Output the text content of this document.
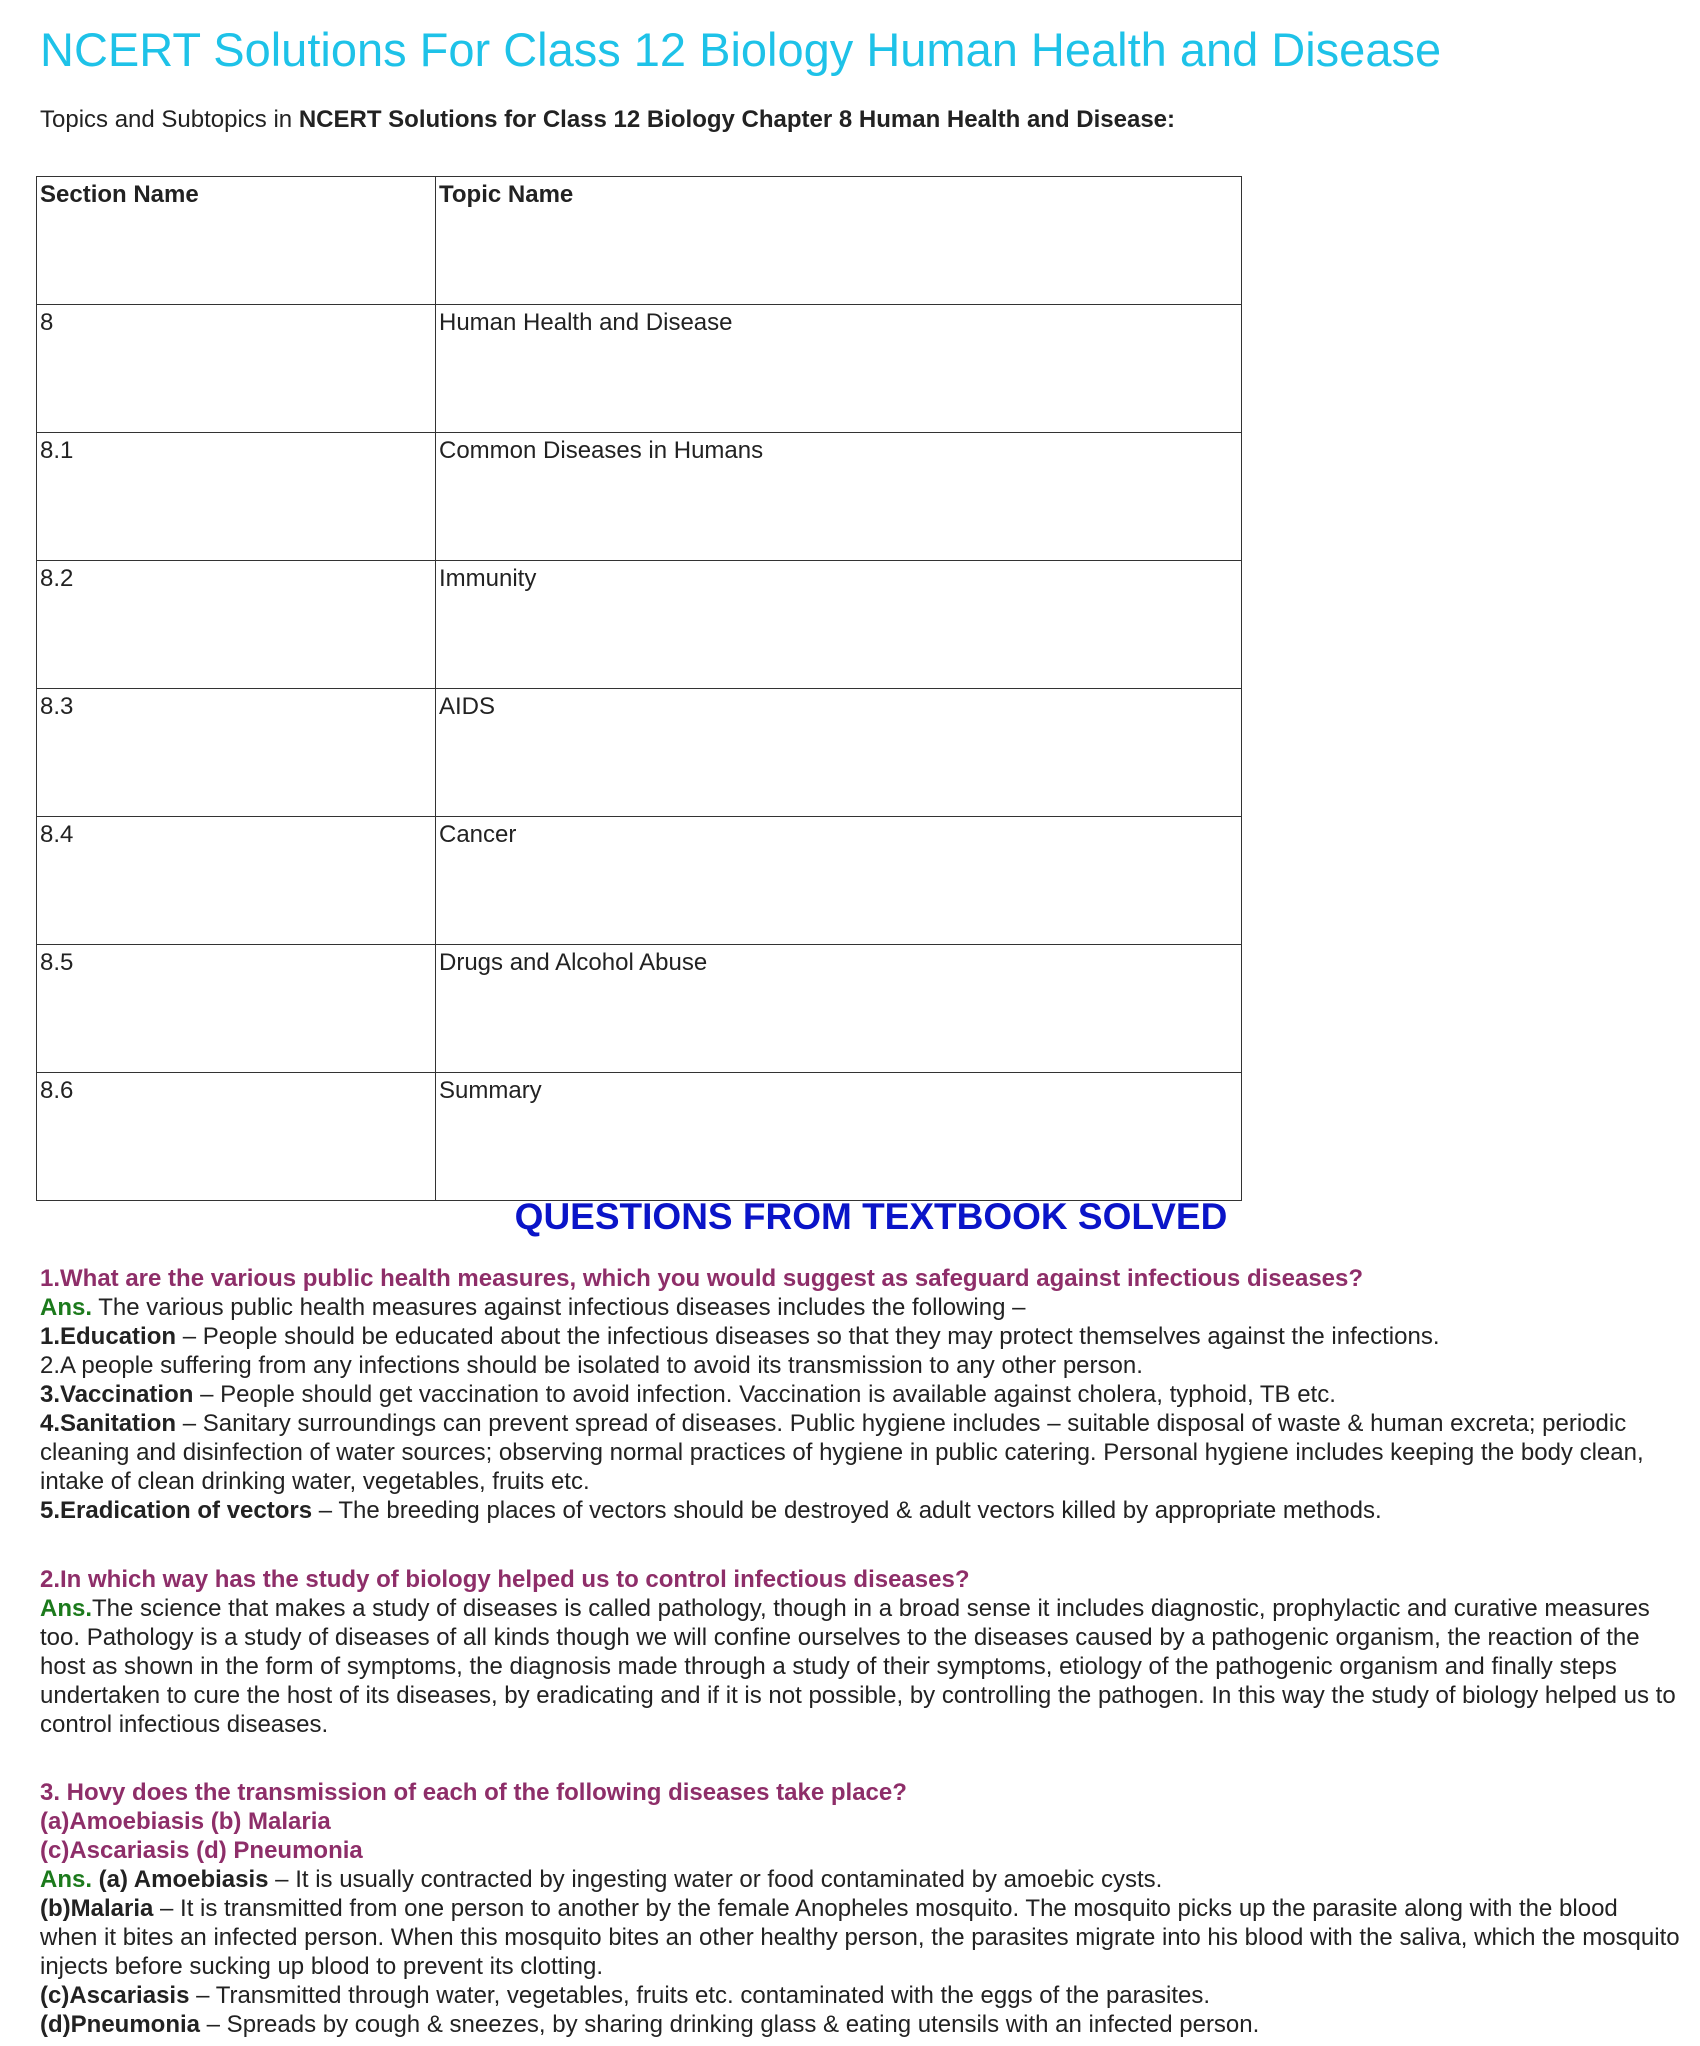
NCERT Solutions For Class 12 Biology Human Health and Disease
Topics and Subtopics in NCERT Solutions for Class 12 Biology Chapter 8 Human Health and Disease:
Section Name	Topic Name
8	Human Health and Disease
8.1	Common Diseases in Humans
8.2	Immunity
8.3	AIDS
8.4	Cancer
8.5	Drugs and Alcohol Abuse
8.6	Summary
QUESTIONS FROM TEXTBOOK SOLVED

1.What are the various public health measures, which you would suggest as safeguard against infectious diseases?

Ans. The various public health measures against infectious diseases includes the following –

1.Education – People should be educated about the infectious diseases so that they may protect themselves against the infections.

2.A people suffering from any infections should be isolated to avoid its transmission to any other person.

3.Vaccination – People should get vaccination to avoid infection. Vaccination is available against cholera, typhoid, TB etc.

4.Sanitation – Sanitary surroundings can prevent spread of diseases. Public hygiene includes – suitable disposal of waste & human excreta; periodic cleaning and disinfection of water sources; observing normal practices of hygiene in public catering. Personal hygiene includes keeping the body clean, intake of clean drinking water, vegetables, fruits etc.

5.Eradication of vectors – The breeding places of vectors should be destroyed & adult vectors killed by appropriate methods.

2.In which way has the study of biology helped us to control infectious diseases?

Ans.The science that makes a study of diseases is called pathology, though in a broad sense it includes diagnostic, prophylactic and curative measures too. Pathology is a study of diseases of all kinds though we will confine ourselves to the diseases caused by a pathogenic organism, the reaction of the host as shown in the form of symptoms, the diagnosis made through a study of their symptoms, etiology of the pathogenic organism and finally steps undertaken to cure the host of its diseases, by eradicating and if it is not possible, by controlling the pathogen. In this way the study of biology helped us to control infectious diseases.

3. Hovy does the transmission of each of the following diseases take place?

(a)Amoebiasis (b) Malaria

(c)Ascariasis (d) Pneumonia

Ans. (a) Amoebiasis – It is usually contracted by ingesting water or food contaminated by amoebic cysts.

(b)Malaria – It is transmitted from one person to another by the female Anopheles mosquito. The mosquito picks up the parasite along with the blood when it bites an infected person. When this mosquito bites an other healthy person, the parasites migrate into his blood with the saliva, which the mosquito injects before sucking up blood to prevent its clotting.

(c)Ascariasis – Transmitted through water, vegetables, fruits etc. contaminated with the eggs of the parasites.

(d)Pneumonia – Spreads by cough & sneezes, by sharing drinking glass & eating utensils with an infected person.
